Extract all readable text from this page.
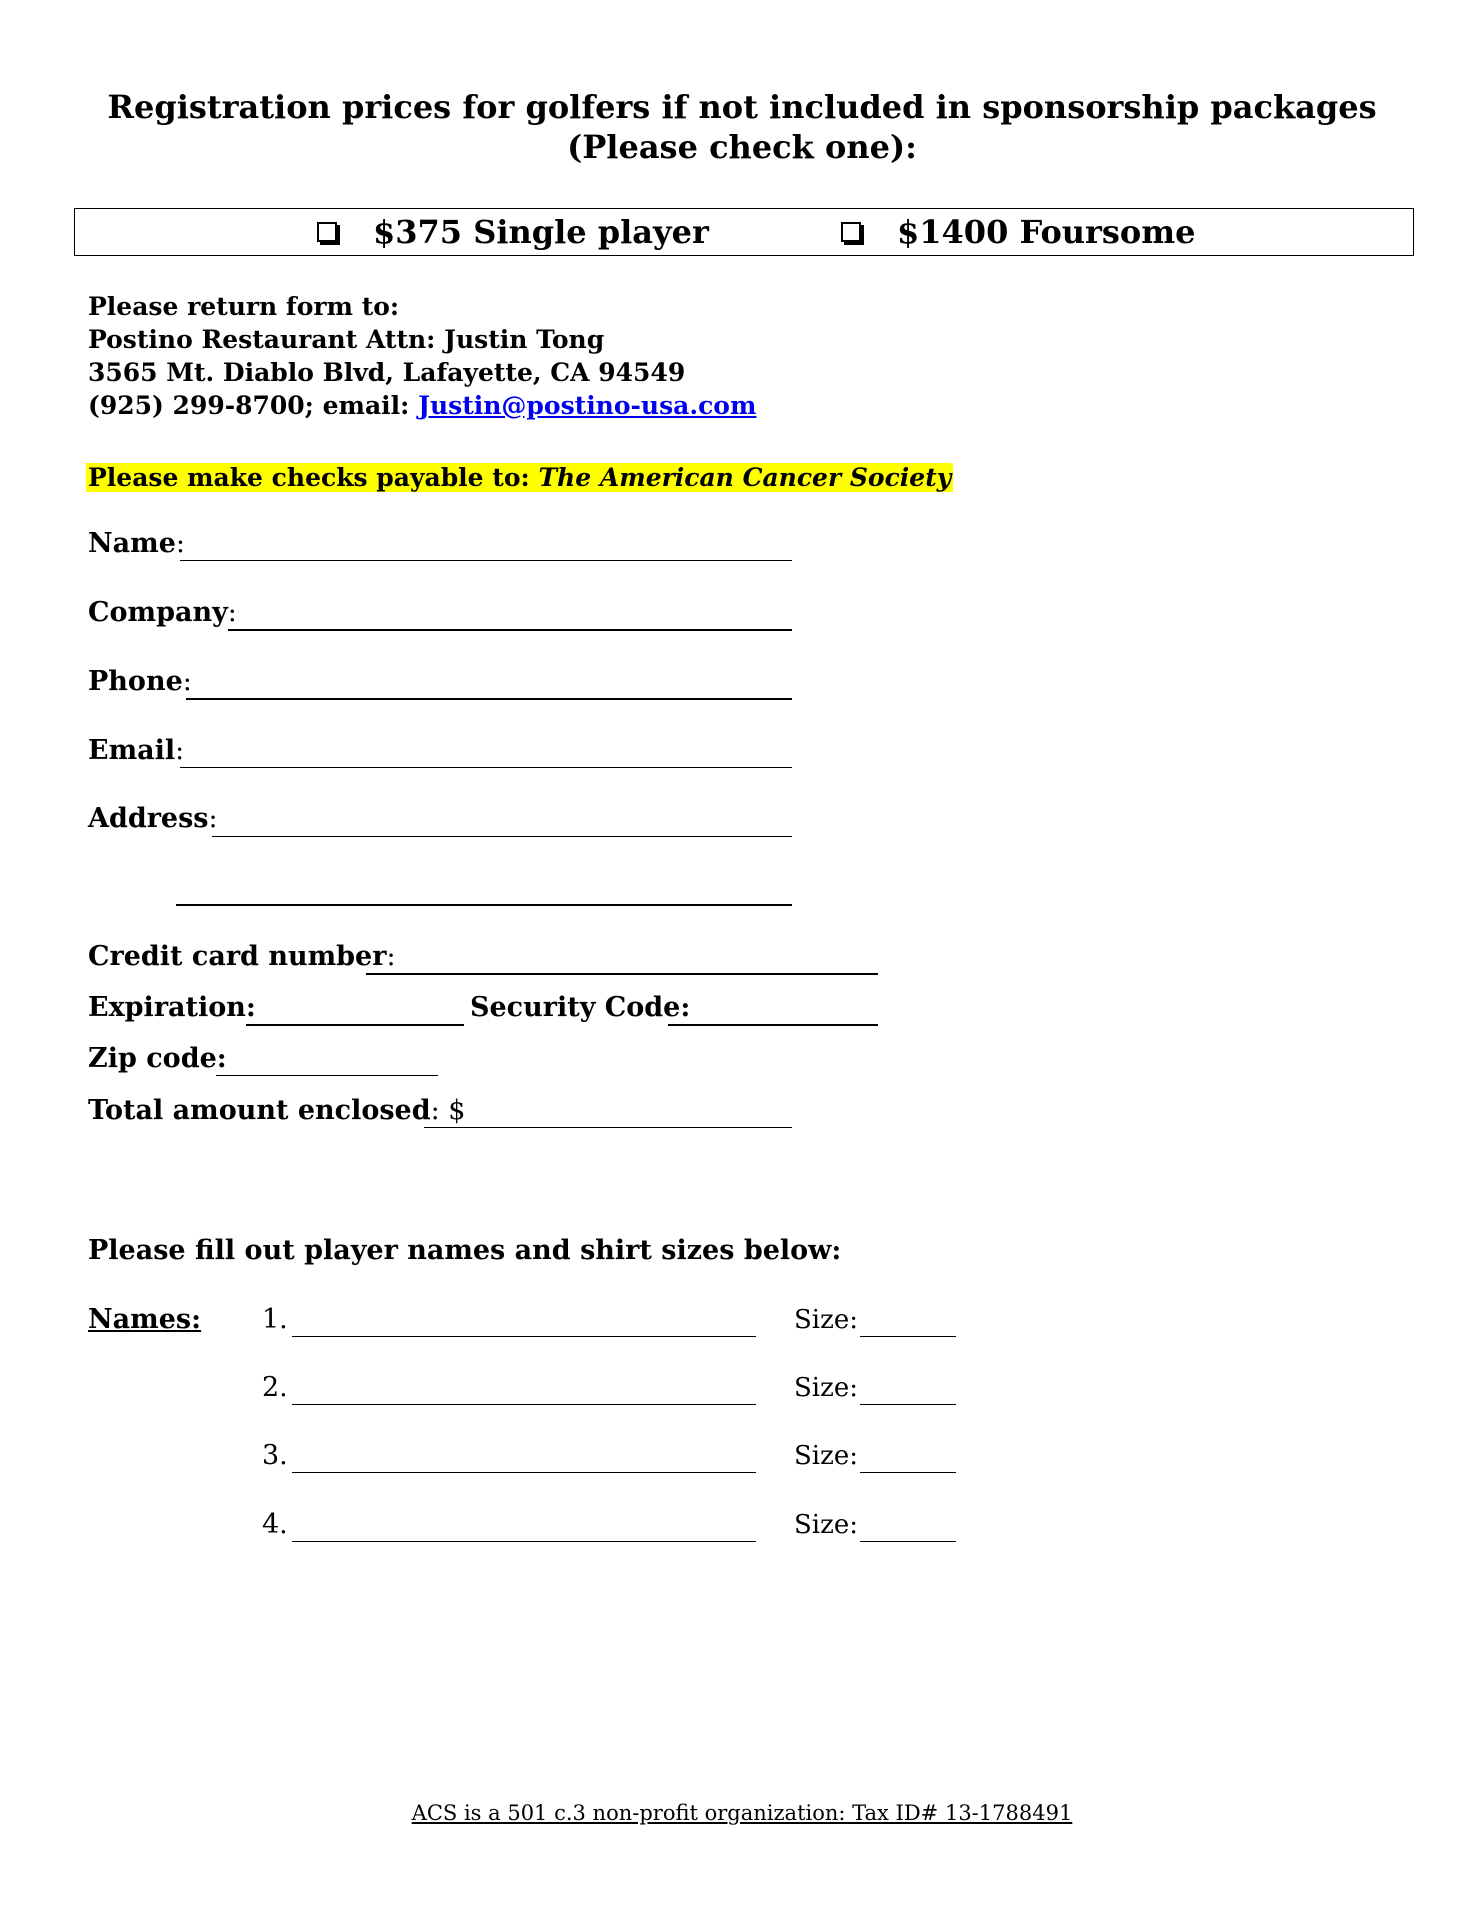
Registration prices for golfers if not included in sponsorship packages
(Please check one):
$375 Single player	$1400 Foursome
Please return form to:
Postino Restaurant Attn: Justin Tong
3565 Mt. Diablo Blvd, Lafayette, CA 94549
(925) 299-8700; email: Justin@postino-usa.com
Please make checks payable to: The American Cancer Society
Name:
Company:
Phone:
Email:
Address:
Credit card number:
Expiration:	Security Code:
Zip code:
Total amount enclosed: $
Please fill out player names and shirt sizes below:
Names: 1.	Size:
2.	Size:
3.	Size:
4.	Size:
ACS is a 501 c.3 non-profit organization: Tax ID# 13-1788491
